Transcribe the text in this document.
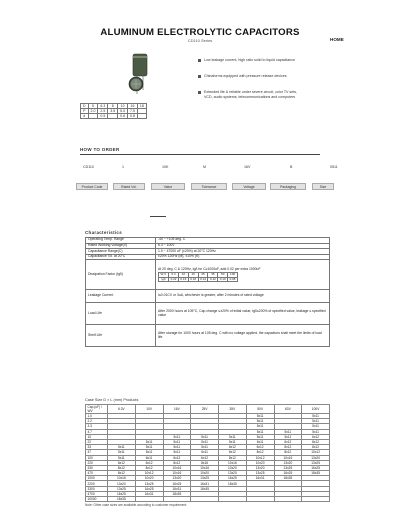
ALUMINUM ELECTROLYTIC CAPACITORS
CD110 Series	HOME
Low leakage current, high ratio solid to liquid capacitance
Chinaforms equipped with pressure release devices
Extended life & reliable under severe circuit, color TV sets, VCD, audio systems, telecommunications and computers
D	5	6.3	8	10	16	18
P	2.0	2.5	3.5	5.0	7.5	
d		0.5		0.6	0.8	
HOW TO ORDER
CD110	1	10K	M	16V	B	0511
Product Code	Rated Vol.	Value	Tolerance	Voltage	Packaging	Size
Characteristics
Operating Temp. Range	-40 ~ +105 deg. C
Rated Working Voltage(V)	6.3 ~ 100V
Capacitance Range(C)	1.0 ~ 47000 uF (±20%) at 20°C 120Hz
Capacitance Tol. at 20°C	±20% 120Hz (M), ±10% (K)
Dissipation Factor (tgδ)	
At 20 deg. C & 120Hz, tgδ for C≥1000uF, add 0.02 per extra 1000uF
W.V.	6.3	10	16	25	35	50	100
tgδ	0.22	0.19	0.16	0.14	0.12	0.10	0.08

Leakage Current	I≤0.01CV or 3uA, whichever is greater, after 2 minutes of rated voltage
Load Life	After 2000 hours at 105°C, Cap change ≤±20% of initial value, tgδ≤200% of specified value, leakage ≤ specified value
Shelf Life	After storage for 1000 hours at 105 deg. C with no voltage applied, the capacitors shall meet the limits of load life
Case Size D × L (mm) Products
Cap.(uF) / WV	6.3V	10V	16V	25V	35V	50V	63V	100V
1.0						5x11		5x11
2.2						5x11		5x11
3.3						5x11		5x11
4.7						5x11	5x11	5x11
10			5x11	5x11	5x11	5x11	5x11	6x12
22		5x11	5x11	5x11	5x11	6x11	6x12	8x12
33	5x11	5x11	5x11	5x11	6x12	6x12	8x12	8x12
47	5x11	5x11	5x11	6x11	6x12	8x12	8x12	10x12
100	5x11	6x11	6x12	6x12	8x12	10x12	10x16	13x20
220	6x12	6x12	8x12	8x16	10x16	10x20	13x20	13x25
330	8x12	8x12	10x16	10x16	10x20	13x20	13x25	16x25
470	8x12	10x12	10x16	10x20	13x20	13x25	16x25	18x35
1000	10x16	10x20	13x20	13x25	16x25	16x31	18x35	
2200	13x20	13x25	16x25	16x31	18x35			
3300	13x25	16x25	16x31	18x35				
4700	16x25	16x31	18x35					
10000	18x35							
Note: Other case sizes are available according to customer requirement
